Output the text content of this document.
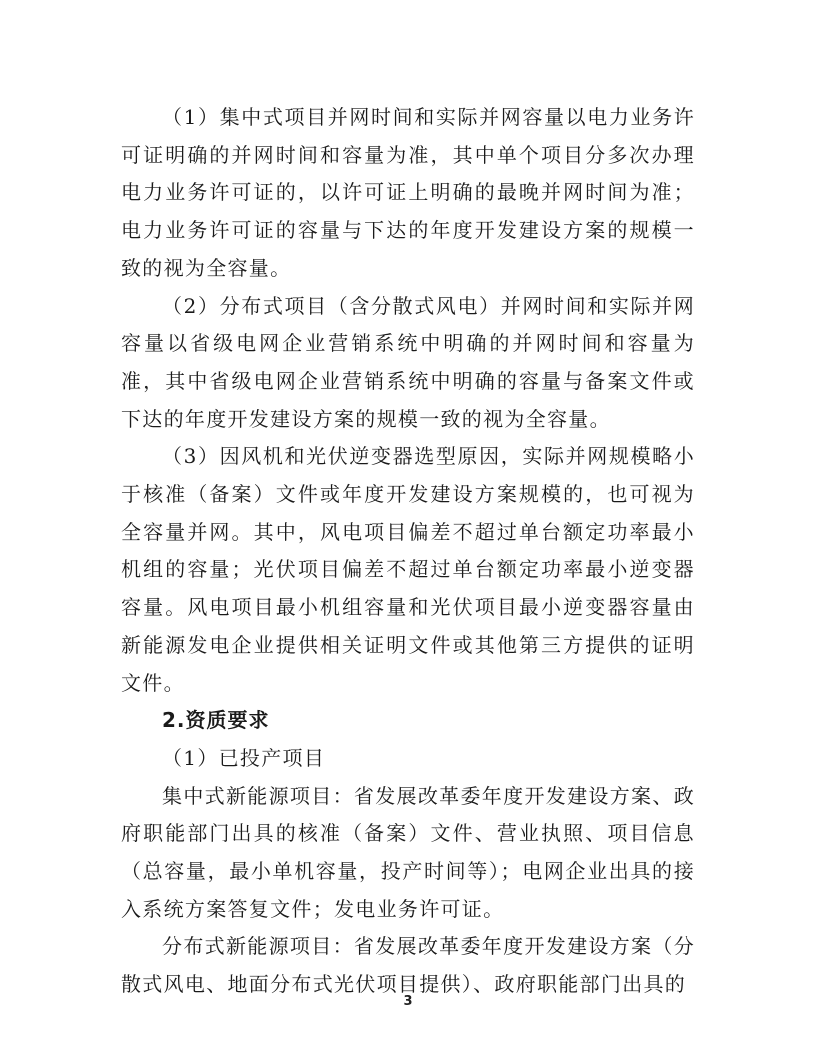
（1）集中式项目并网时间和实际并网容量以电力业务许可证明确的并网时间和容量为准，其中单个项目分多次办理电力业务许可证的，以许可证上明确的最晚并网时间为准；电力业务许可证的容量与下达的年度开发建设方案的规模一致的视为全容量。

（2）分布式项目（含分散式风电）并网时间和实际并网容量以省级电网企业营销系统中明确的并网时间和容量为准，其中省级电网企业营销系统中明确的容量与备案文件或下达的年度开发建设方案的规模一致的视为全容量。

（3）因风机和光伏逆变器选型原因，实际并网规模略小于核准（备案）文件或年度开发建设方案规模的，也可视为全容量并网。其中，风电项目偏差不超过单台额定功率最小机组的容量；光伏项目偏差不超过单台额定功率最小逆变器容量。风电项目最小机组容量和光伏项目最小逆变器容量由新能源发电企业提供相关证明文件或其他第三方提供的证明文件。

2.资质要求

（1）已投产项目

集中式新能源项目：省发展改革委年度开发建设方案、政府职能部门出具的核准（备案）文件、营业执照、项目信息（总容量，最小单机容量，投产时间等）；电网企业出具的接入系统方案答复文件；发电业务许可证。

分布式新能源项目：省发展改革委年度开发建设方案（分散式风电、地面分布式光伏项目提供）、政府职能部门出具的

3
